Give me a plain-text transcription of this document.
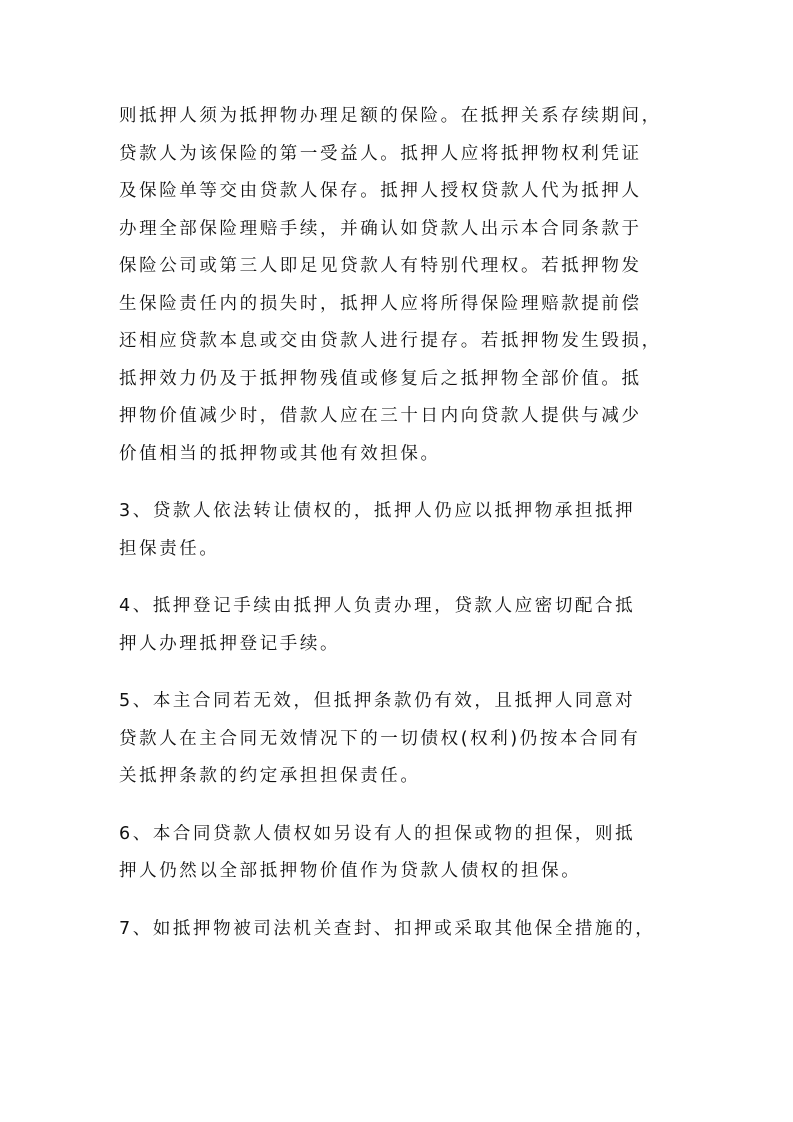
则抵押人须为抵押物办理足额的保险。在抵押关系存续期间，
贷款人为该保险的第一受益人。抵押人应将抵押物权利凭证
及保险单等交由贷款人保存。抵押人授权贷款人代为抵押人
办理全部保险理赔手续，并确认如贷款人出示本合同条款于
保险公司或第三人即足见贷款人有特别代理权。若抵押物发
生保险责任内的损失时，抵押人应将所得保险理赔款提前偿
还相应贷款本息或交由贷款人进行提存。若抵押物发生毁损，
抵押效力仍及于抵押物残值或修复后之抵押物全部价值。抵
押物价值减少时，借款人应在三十日内向贷款人提供与减少
价值相当的抵押物或其他有效担保。
3、贷款人依法转让债权的，抵押人仍应以抵押物承担抵押
担保责任。
4、抵押登记手续由抵押人负责办理，贷款人应密切配合抵
押人办理抵押登记手续。
5、本主合同若无效，但抵押条款仍有效，且抵押人同意对
贷款人在主合同无效情况下的一切债权(权利)仍按本合同有
关抵押条款的约定承担担保责任。
6、本合同贷款人债权如另设有人的担保或物的担保，则抵
押人仍然以全部抵押物价值作为贷款人债权的担保。
7、如抵押物被司法机关查封、扣押或采取其他保全措施的，
